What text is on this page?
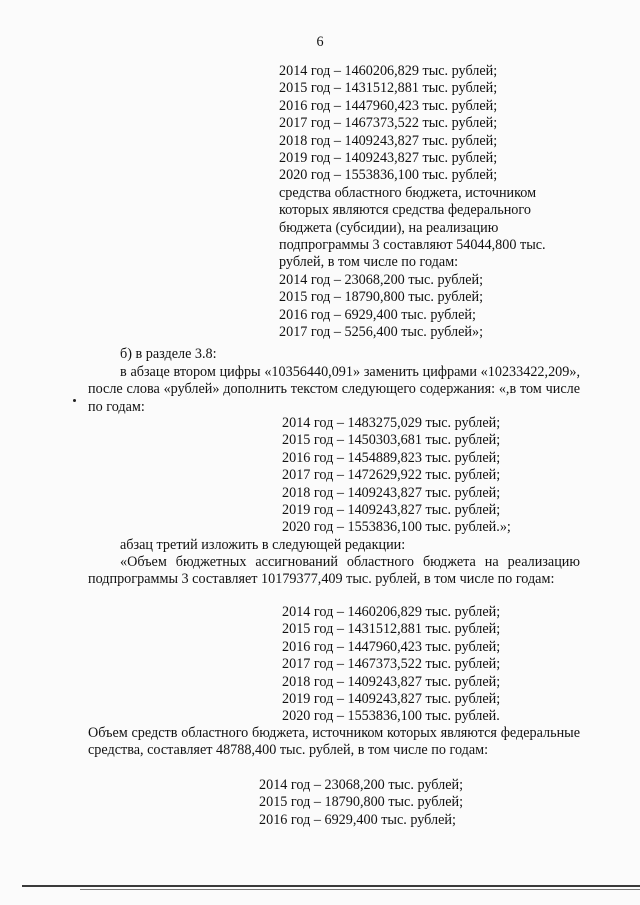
6
2014 год – 1460206,829 тыс. рублей;
2015 год – 1431512,881 тыс. рублей;
2016 год – 1447960,423 тыс. рублей;
2017 год – 1467373,522 тыс. рублей;
2018 год – 1409243,827 тыс. рублей;
2019 год – 1409243,827 тыс. рублей;
2020 год – 1553836,100 тыс. рублей;
средства областного бюджета, источником
которых являются средства федерального
бюджета (субсидии), на реализацию
подпрограммы 3 составляют 54044,800 тыс.
рублей, в том числе по годам:
2014 год – 23068,200 тыс. рублей;
2015 год – 18790,800 тыс. рублей;
2016 год – 6929,400 тыс. рублей;
2017 год – 5256,400 тыс. рублей»;
б) в разделе 3.8:
в абзаце втором цифры «10356440,091» заменить цифрами «10233422,209», после слова «рублей» дополнить текстом следующего содержания: «,в том числе по годам:
2014 год – 1483275,029 тыс. рублей;
2015 год – 1450303,681 тыс. рублей;
2016 год – 1454889,823 тыс. рублей;
2017 год – 1472629,922 тыс. рублей;
2018 год – 1409243,827 тыс. рублей;
2019 год – 1409243,827 тыс. рублей;
2020 год – 1553836,100 тыс. рублей.»;
абзац третий изложить в следующей редакции:
«Объем бюджетных ассигнований областного бюджета на реализацию подпрограммы 3 составляет 10179377,409 тыс. рублей, в том числе по годам:
2014 год – 1460206,829 тыс. рублей;
2015 год – 1431512,881 тыс. рублей;
2016 год – 1447960,423 тыс. рублей;
2017 год – 1467373,522 тыс. рублей;
2018 год – 1409243,827 тыс. рублей;
2019 год – 1409243,827 тыс. рублей;
2020 год – 1553836,100 тыс. рублей.
Объем средств областного бюджета, источником которых являются федеральные средства, составляет 48788,400 тыс. рублей, в том числе по годам:
2014 год – 23068,200 тыс. рублей;
2015 год – 18790,800 тыс. рублей;
2016 год – 6929,400 тыс. рублей;
